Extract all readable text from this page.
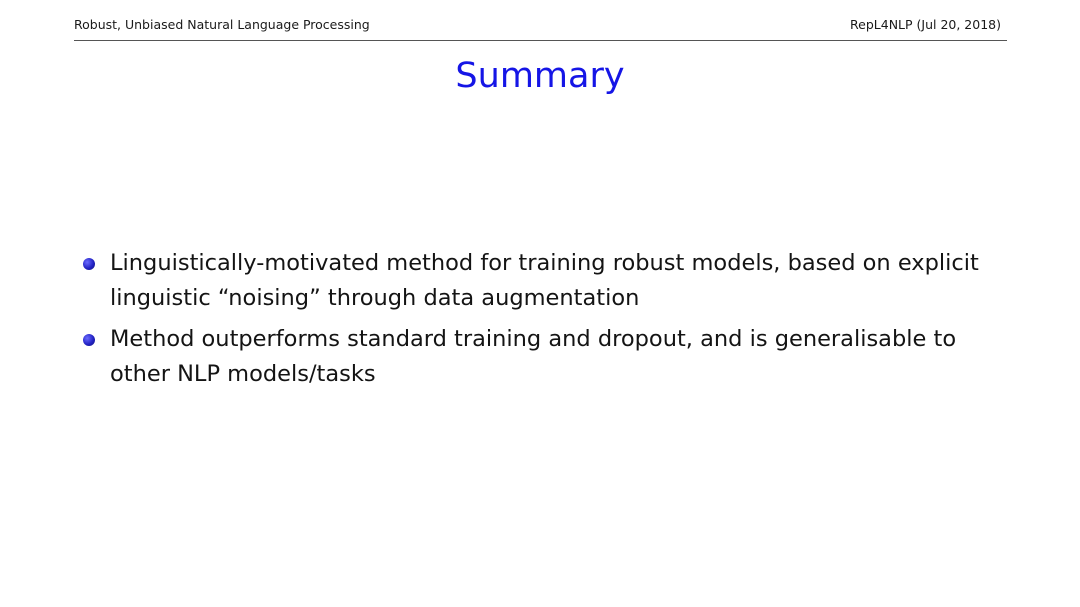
Robust, Unbiased Natural Language Processing	RepL4NLP (Jul 20, 2018)
Summary
Linguistically-motivated method for training robust models, based on explicit linguistic “noising” through data augmentation
Method outperforms standard training and dropout, and is generalisable to other NLP models/tasks
